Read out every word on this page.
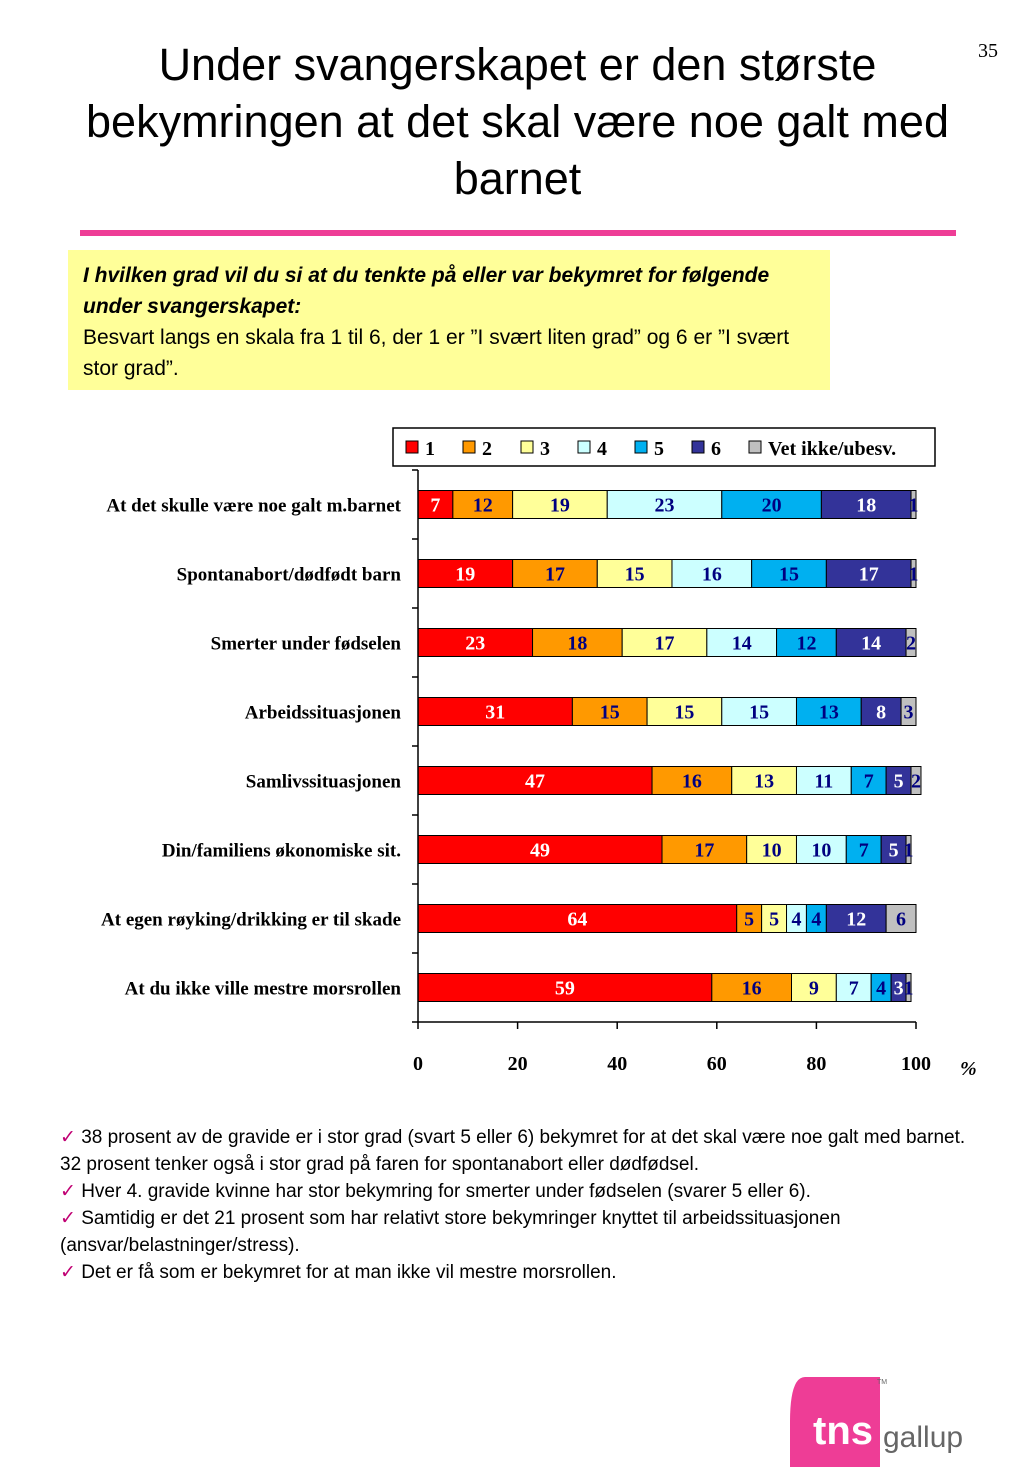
35
Under svangerskapet er den største bekymringen at det skal være noe galt med barnet
I hvilken grad vil du si at du tenkte på eller var bekymret for følgende under svangerskapet:
Besvart langs en skala fra 1 til 6, der 1 er ”I svært liten grad” og 6 er ”I svært stor grad”.
1 2 3 4 5 6 Vet ikke/ubesv.
At det skulle være noe galt m.barnet 7 12	19	23	20	18 1
Spontanabort/dødfødt barn	19	17	15	16	15	17 1
Smerter under fødselen	23	18	17	14 12 14 2
Arbeidssituasjonen	31	15	15	15 13 8 3
Samlivssituasjonen	47	16	13 11 7 5 2
Din/familiens økonomiske sit.	49	17 10 10 7 5 1
At egen røyking/drikking er til skade	64	5 5 4 4 12 6
At du ikke ville mestre morsrollen	59	16 9 7 4 3 1
0	20	40	60	80	100 %

✓ 38 prosent av de gravide er i stor grad (svart 5 eller 6) bekymret for at det skal være noe galt med barnet. 32 prosent tenker også i stor grad på faren for spontanabort eller dødfødsel.

✓ Hver 4. gravide kvinne har stor bekymring for smerter under fødselen (svarer 5 eller 6).

✓ Samtidig er det 21 prosent som har relativt store bekymringer knyttet til arbeidssituasjonen (ansvar/belastninger/stress).

✓ Det er få som er bekymret for at man ikke vil mestre morsrollen.

tns gallup
TM
